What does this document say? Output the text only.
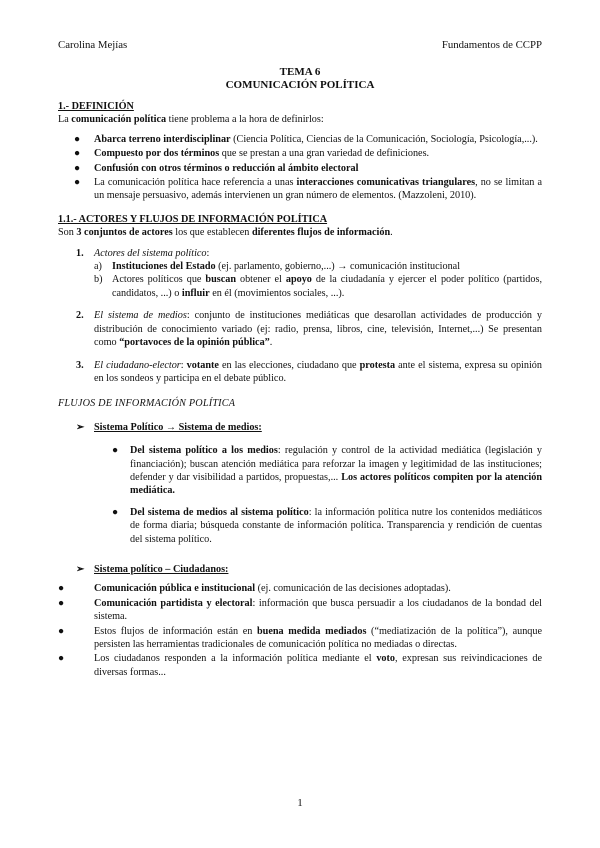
Carolina Mejías	Fundamentos de CCPP
TEMA 6
COMUNICACIÓN POLÍTICA
1.- DEFINICIÓN
La comunicación política tiene problema a la hora de definirlos:
● Abarca terreno interdisciplinar (Ciencia Política, Ciencias de la Comunicación, Sociología, Psicología,...).
● Compuesto por dos términos que se prestan a una gran variedad de definiciones.
● Confusión con otros términos o reducción al ámbito electoral
● La comunicación política hace referencia a unas interacciones comunicativas triangulares, no se limitan a un mensaje persuasivo, además intervienen un gran número de elementos. (Mazzoleni, 2010).
1.1.- ACTORES Y FLUJOS DE INFORMACIÓN POLÍTICA
Son 3 conjuntos de actores los que establecen diferentes flujos de información.
1. Actores del sistema político:
a) Instituciones del Estado (ej. parlamento, gobierno,...) → comunicación institucional
b) Actores políticos que buscan obtener el apoyo de la ciudadanía y ejercer el poder político (partidos, candidatos, ...) o influir en él (movimientos sociales, ...).
2. El sistema de medios: conjunto de instituciones mediáticas que desarollan actividades de producción y distribución de conocimiento variado (ej: radio, prensa, libros, cine, televisión, Internet,...) Se presentan como “portavoces de la opinión pública”.
3. El ciudadano-elector: votante en las elecciones, ciudadano que protesta ante el sistema, expresa su opinión en los sondeos y participa en el debate público.
FLUJOS DE INFORMACIÓN POLÍTICA
➢ Sistema Político → Sistema de medios:
● Del sistema político a los medios: regulación y control de la actividad mediática (legislación y financiación); buscan atención mediática para reforzar la imagen y legitimidad de las instituciones; defender y dar visibilidad a partidos, propuestas,... Los actores políticos compiten por la atención mediática.
● Del sistema de medios al sistema político: la información política nutre los contenidos mediáticos de forma diaria; búsqueda constante de información política. Transparencia y rendición de cuentas del sistema político.
➢ Sistema político – Ciudadanos:
●	Comunicación pública e institucional (ej. comunicación de las decisiones adoptadas).
●	Comunicación partidista y electoral: información que busca persuadir a los ciudadanos de la bondad del sistema.
●	Estos flujos de información están en buena medida mediados (“mediatización de la política”), aunque persisten las herramientas tradicionales de comunicación política no mediadas o directas.
●	Los ciudadanos responden a la información política mediante el voto, expresan sus reivindicaciones de diversas formas...
1
